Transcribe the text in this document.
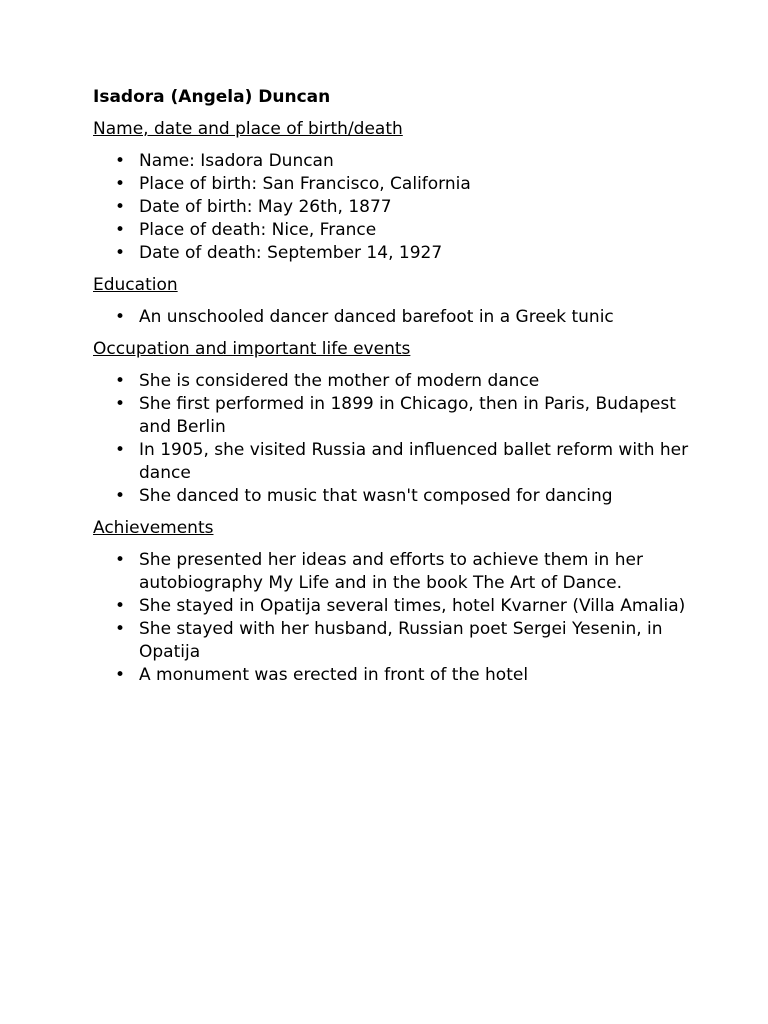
Isadora (Angela) Duncan
Name, date and place of birth/death
• Name: Isadora Duncan
• Place of birth: San Francisco, California
• Date of birth: May 26th, 1877
• Place of death: Nice, France
• Date of death: September 14, 1927
Education
• An unschooled dancer danced barefoot in a Greek tunic
Occupation and important life events
• She is considered the mother of modern dance
• She first performed in 1899 in Chicago, then in Paris, Budapest and Berlin
• In 1905, she visited Russia and influenced ballet reform with her dance
• She danced to music that wasn't composed for dancing
Achievements
• She presented her ideas and efforts to achieve them in her autobiography My Life and in the book The Art of Dance.
• She stayed in Opatija several times, hotel Kvarner (Villa Amalia)
• She stayed with her husband, Russian poet Sergei Yesenin, in Opatija
• A monument was erected in front of the hotel
